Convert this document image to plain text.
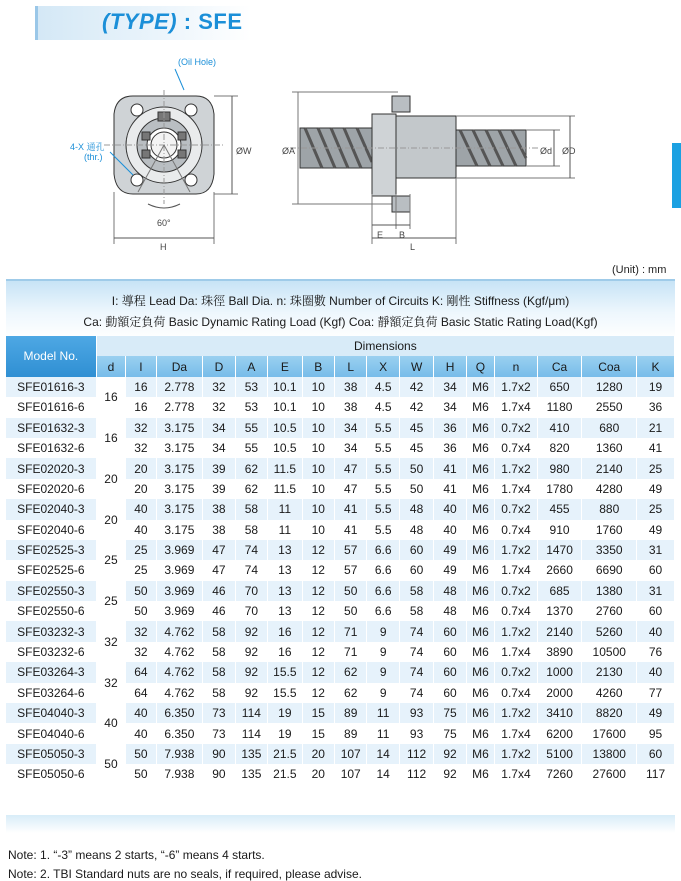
(TYPE) : SFE
(Oil Hole)
4-X 通孔
(thr.)
60°
H
ØW	ØA
E B
L
Ød ØD
(Unit) : mm
I: 導程 Lead Da: 珠徑 Ball Dia. n: 珠圈數 Number of Circuits K: 剛性 Stiffness (Kgf/μm)
Ca: 動額定負荷 Basic Dynamic Rating Load (Kgf) Coa: 靜額定負荷 Basic Static Rating Load(Kgf)
Model No.	Dimensions															
	d	I	Da	D	A	E	B	L	X	W	H	Q	n	Ca	Coa	K
SFE01616-3	16	16	2.778	32	53	10.1	10	38	4.5	42	34	M6	1.7x2	650	1280	19
SFE01616-6		16	2.778	32	53	10.1	10	38	4.5	42	34	M6	1.7x4	1180	2550	36
SFE01632-3	16	32	3.175	34	55	10.5	10	34	5.5	45	36	M6	0.7x2	410	680	21
SFE01632-6		32	3.175	34	55	10.5	10	34	5.5	45	36	M6	0.7x4	820	1360	41
SFE02020-3	20	20	3.175	39	62	11.5	10	47	5.5	50	41	M6	1.7x2	980	2140	25
SFE02020-6		20	3.175	39	62	11.5	10	47	5.5	50	41	M6	1.7x4	1780	4280	49
SFE02040-3	20	40	3.175	38	58	11	10	41	5.5	48	40	M6	0.7x2	455	880	25
SFE02040-6		40	3.175	38	58	11	10	41	5.5	48	40	M6	0.7x4	910	1760	49
SFE02525-3	25	25	3.969	47	74	13	12	57	6.6	60	49	M6	1.7x2	1470	3350	31
SFE02525-6		25	3.969	47	74	13	12	57	6.6	60	49	M6	1.7x4	2660	6690	60
SFE02550-3	25	50	3.969	46	70	13	12	50	6.6	58	48	M6	0.7x2	685	1380	31
SFE02550-6		50	3.969	46	70	13	12	50	6.6	58	48	M6	0.7x4	1370	2760	60
SFE03232-3	32	32	4.762	58	92	16	12	71	9	74	60	M6	1.7x2	2140	5260	40
SFE03232-6		32	4.762	58	92	16	12	71	9	74	60	M6	1.7x4	3890	10500	76
SFE03264-3	32	64	4.762	58	92	15.5	12	62	9	74	60	M6	0.7x2	1000	2130	40
SFE03264-6		64	4.762	58	92	15.5	12	62	9	74	60	M6	0.7x4	2000	4260	77
SFE04040-3	40	40	6.350	73	114	19	15	89	11	93	75	M6	1.7x2	3410	8820	49
SFE04040-6		40	6.350	73	114	19	15	89	11	93	75	M6	1.7x4	6200	17600	95
SFE05050-3	50	50	7.938	90	135	21.5	20	107	14	112	92	M6	1.7x2	5100	13800	60
SFE05050-6		50	7.938	90	135	21.5	20	107	14	112	92	M6	1.7x4	7260	27600	117
Note: 1. “-3” means 2 starts, “-6” means 4 starts.
Note: 2. TBI Standard nuts are no seals, if required, please advise.
